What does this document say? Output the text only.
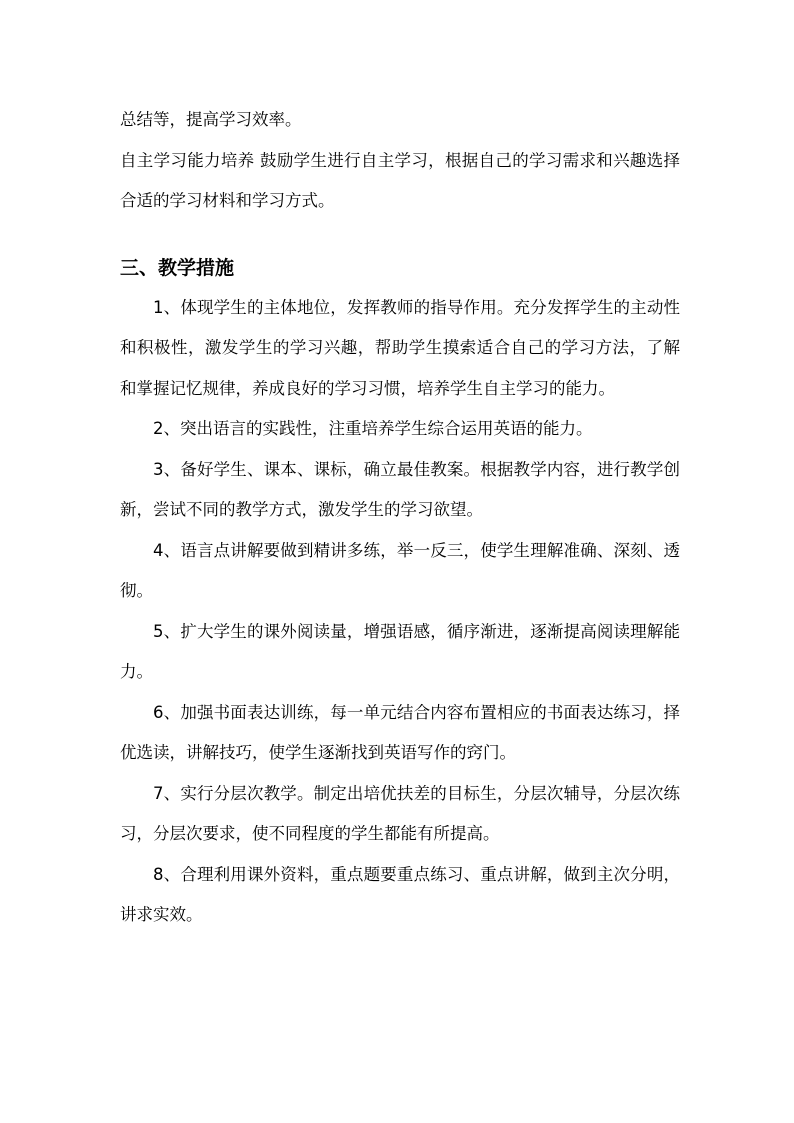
总结等，提高学习效率。

自主学习能力培养 鼓励学生进行自主学习，根据自己的学习需求和兴趣选择合适的学习材料和学习方式。

三、教学措施

1、体现学生的主体地位，发挥教师的指导作用。充分发挥学生的主动性和积极性，激发学生的学习兴趣，帮助学生摸索适合自己的学习方法，了解和掌握记忆规律，养成良好的学习习惯，培养学生自主学习的能力。

2、突出语言的实践性，注重培养学生综合运用英语的能力。

3、备好学生、课本、课标，确立最佳教案。根据教学内容，进行教学创新，尝试不同的教学方式，激发学生的学习欲望。

4、语言点讲解要做到精讲多练，举一反三，使学生理解准确、深刻、透彻。

5、扩大学生的课外阅读量，增强语感，循序渐进，逐渐提高阅读理解能力。

6、加强书面表达训练，每一单元结合内容布置相应的书面表达练习，择优选读，讲解技巧，使学生逐渐找到英语写作的窍门。

7、实行分层次教学。制定出培优扶差的目标生，分层次辅导，分层次练习，分层次要求，使不同程度的学生都能有所提高。

8、合理利用课外资料，重点题要重点练习、重点讲解，做到主次分明，讲求实效。
